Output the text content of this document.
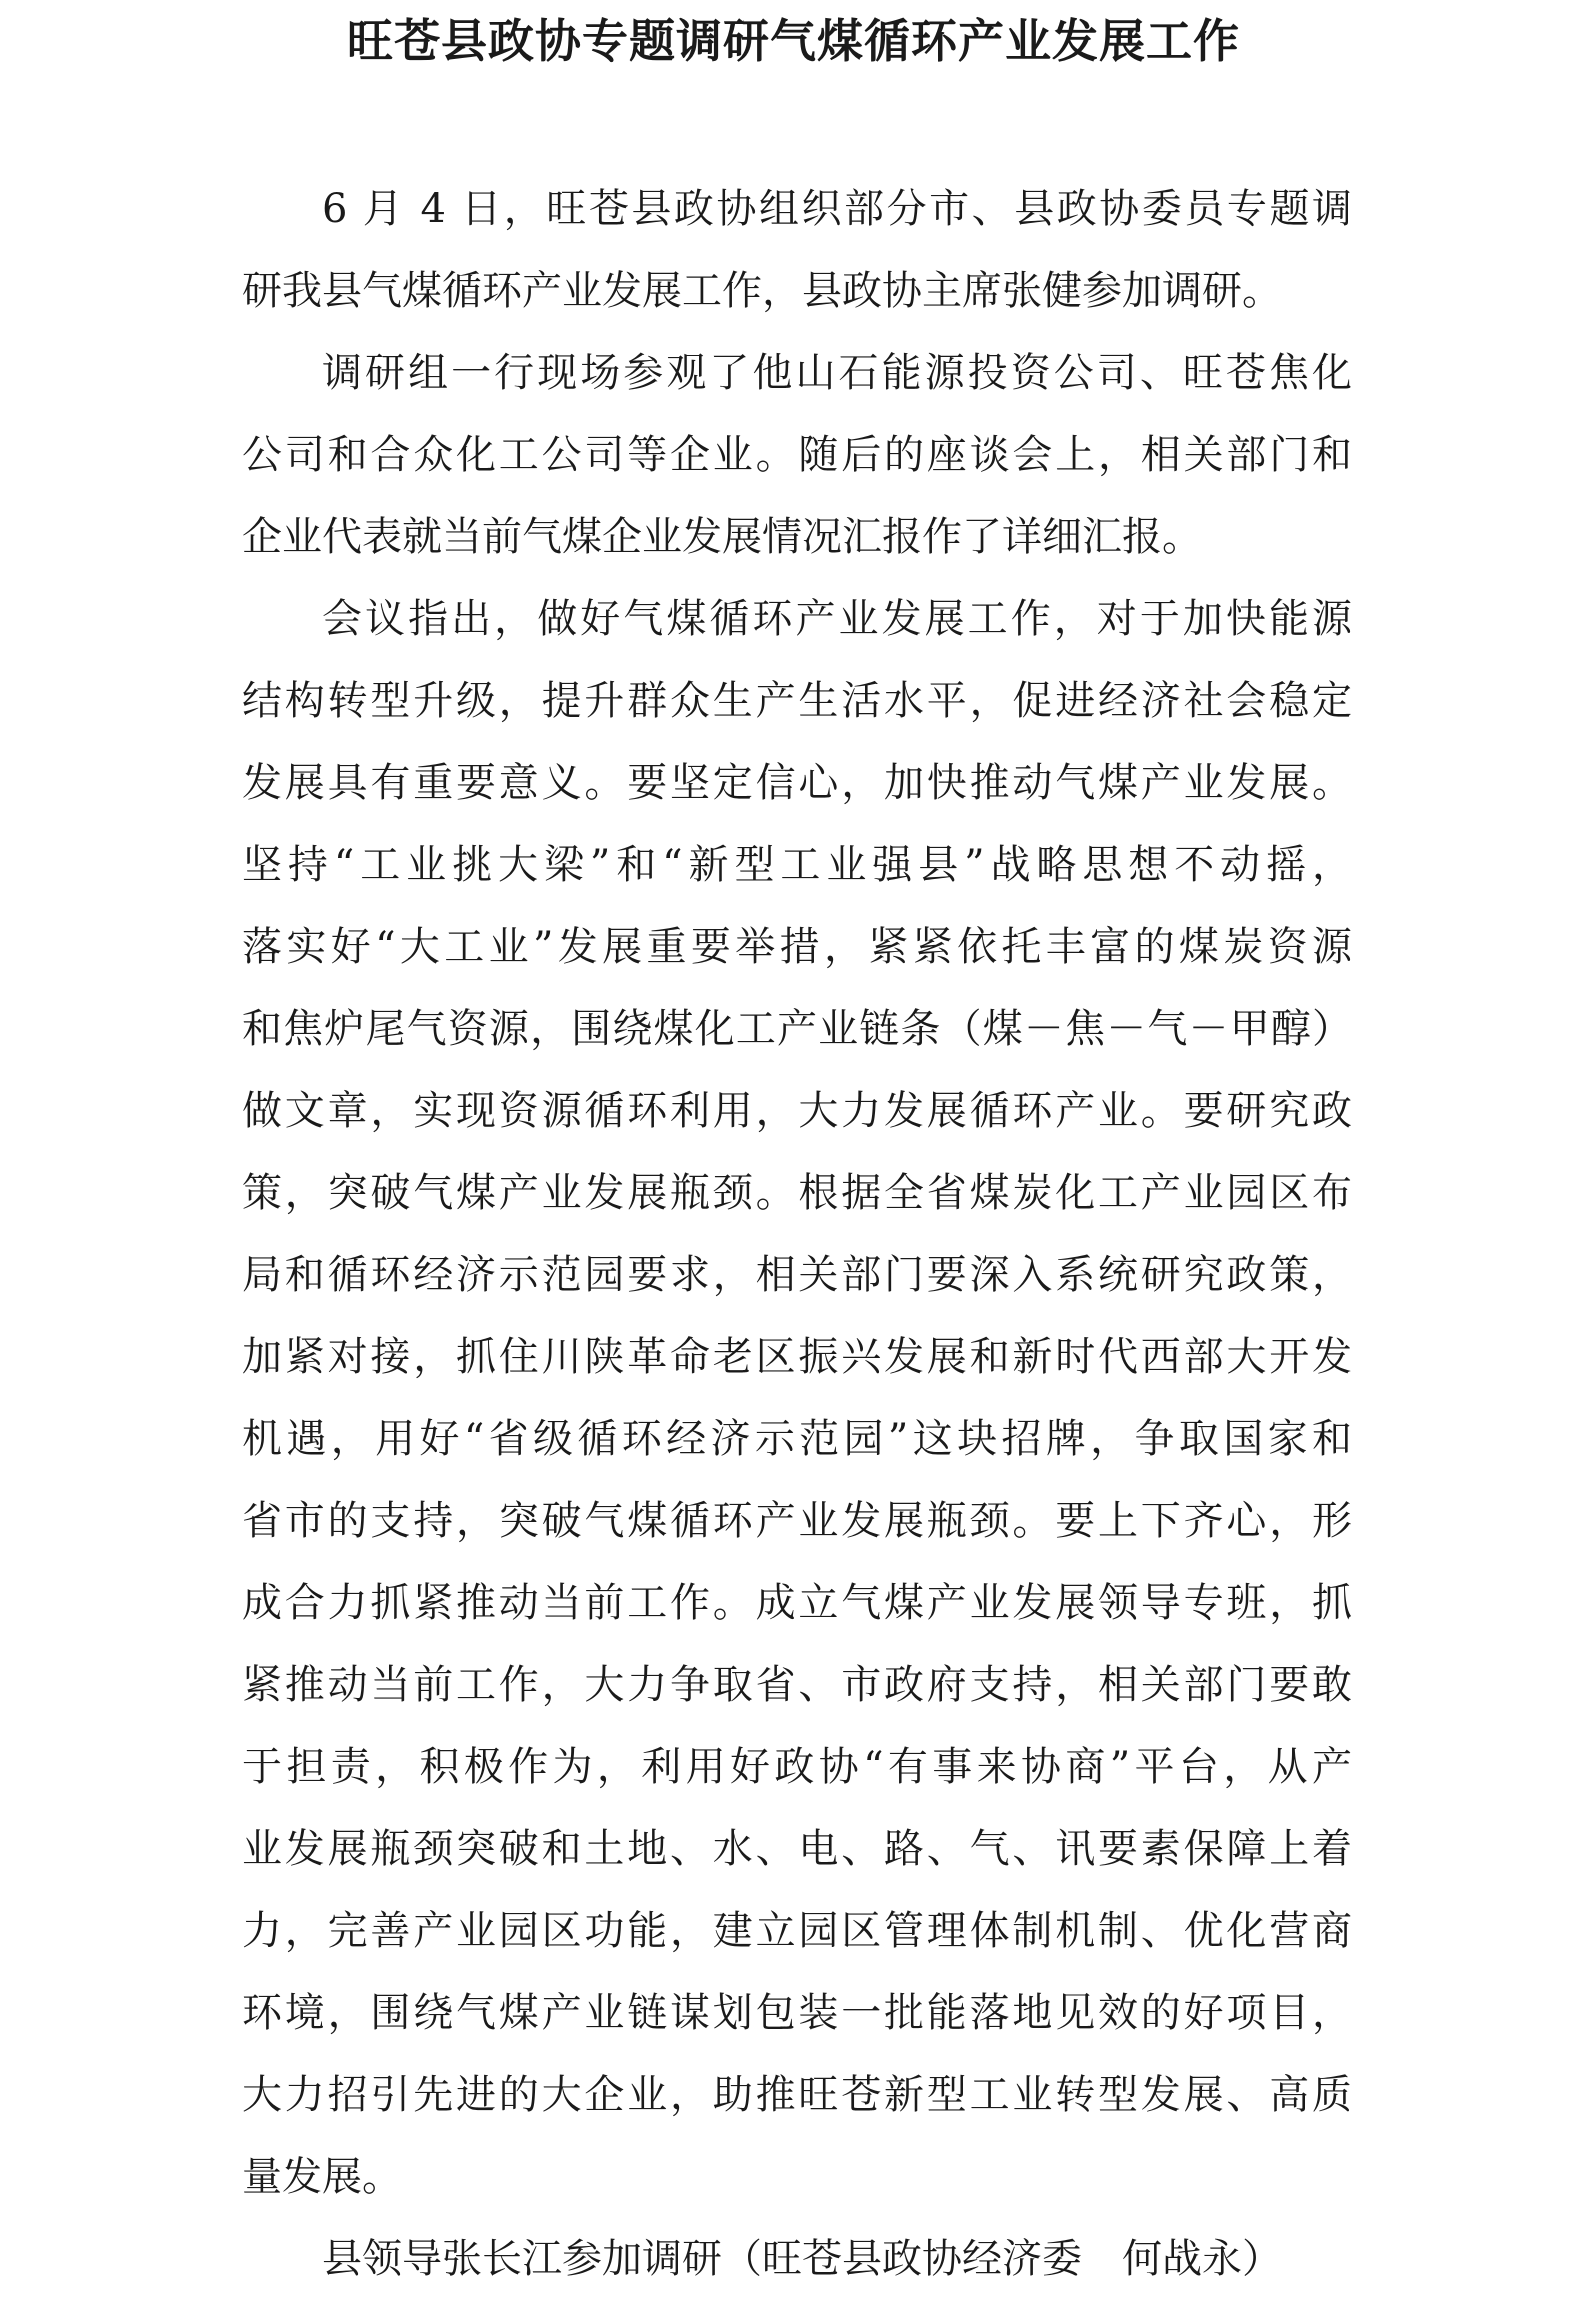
旺苍县政协专题调研气煤循环产业发展工作

6 月 4 日，旺苍县政协组织部分市、县政协委员专题调

研我县气煤循环产业发展工作，县政协主席张健参加调研。

调研组一行现场参观了他山石能源投资公司、旺苍焦化

公司和合众化工公司等企业。随后的座谈会上，相关部门和

企业代表就当前气煤企业发展情况汇报作了详细汇报。

会议指出，做好气煤循环产业发展工作，对于加快能源

结构转型升级，提升群众生产生活水平，促进经济社会稳定

发展具有重要意义。要坚定信心，加快推动气煤产业发展。

坚持“工业挑大梁”和“新型工业强县”战略思想不动摇，

落实好“大工业”发展重要举措，紧紧依托丰富的煤炭资源

和焦炉尾气资源，围绕煤化工产业链条（煤－焦－气－甲醇）

做文章，实现资源循环利用，大力发展循环产业。要研究政

策，突破气煤产业发展瓶颈。根据全省煤炭化工产业园区布

局和循环经济示范园要求，相关部门要深入系统研究政策，

加紧对接，抓住川陕革命老区振兴发展和新时代西部大开发

机遇，用好“省级循环经济示范园”这块招牌，争取国家和

省市的支持，突破气煤循环产业发展瓶颈。要上下齐心，形

成合力抓紧推动当前工作。成立气煤产业发展领导专班，抓

紧推动当前工作，大力争取省、市政府支持，相关部门要敢

于担责，积极作为，利用好政协“有事来协商”平台，从产

业发展瓶颈突破和土地、水、电、路、气、讯要素保障上着

力，完善产业园区功能，建立园区管理体制机制、优化营商

环境，围绕气煤产业链谋划包装一批能落地见效的好项目，

大力招引先进的大企业，助推旺苍新型工业转型发展、高质

量发展。

县领导张长江参加调研（旺苍县政协经济委　何战永）
